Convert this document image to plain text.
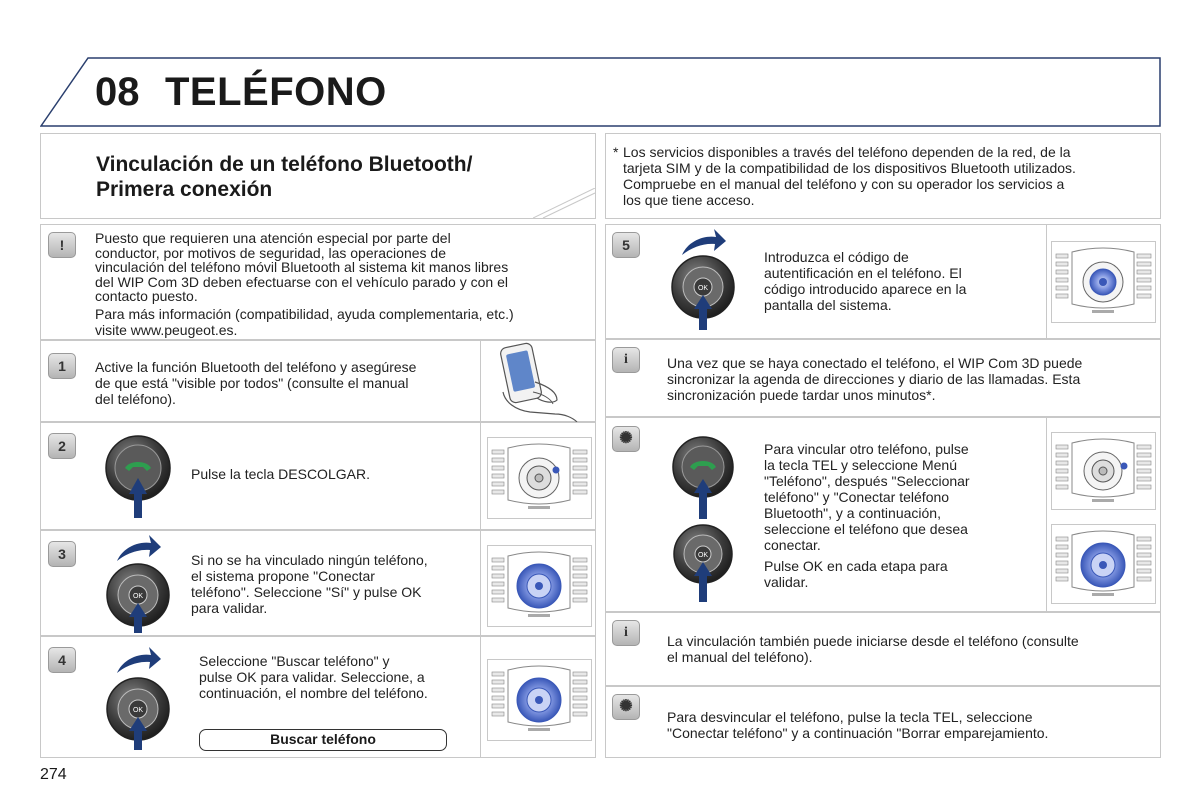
08 TELÉFONO
Vinculación de un teléfono Bluetooth/
Primera conexión
* Los servicios disponibles a través del teléfono dependen de la red, de la
tarjeta SIM y de la compatibilidad de los dispositivos Bluetooth utilizados.
Compruebe en el manual del teléfono y con su operador los servicios a
los que tiene acceso.
!	Puesto que requieren una atención especial por parte del
conductor, por motivos de seguridad, las operaciones de
vinculación del teléfono móvil Bluetooth al sistema kit manos libres
del WIP Com 3D deben efectuarse con el vehículo parado y con el
contacto puesto.
Para más información (compatibilidad, ayuda complementaria, etc.)
visite www.peugeot.es.
1	Active la función Bluetooth del teléfono y asegúrese
de que está "visible por todos" (consulte el manual
del teléfono).
2
Pulse la tecla DESCOLGAR.
3
OK
Si no se ha vinculado ningún teléfono,
el sistema propone "Conectar
teléfono". Seleccione "Sí" y pulse OK
para validar.
4
OK
Seleccione "Buscar teléfono" y
pulse OK para validar. Seleccione, a
continuación, el nombre del teléfono.
Buscar teléfono
5
OK
Introduzca el código de
autentificación en el teléfono. El
código introducido aparece en la
pantalla del sistema.
i	Una vez que se haya conectado el teléfono, el WIP Com 3D puede
sincronizar la agenda de direcciones y diario de las llamadas. Esta
sincronización puede tardar unos minutos*.
✺
OK
Para vincular otro teléfono, pulse
la tecla TEL y seleccione Menú
"Teléfono", después "Seleccionar
teléfono" y "Conectar teléfono
Bluetooth", y a continuación,
seleccione el teléfono que desea
conectar.
Pulse OK en cada etapa para
validar.
i
La vinculación también puede iniciarse desde el teléfono (consulte
el manual del teléfono).
✺
Para desvincular el teléfono, pulse la tecla TEL, seleccione
"Conectar teléfono" y a continuación "Borrar emparejamiento.
274
